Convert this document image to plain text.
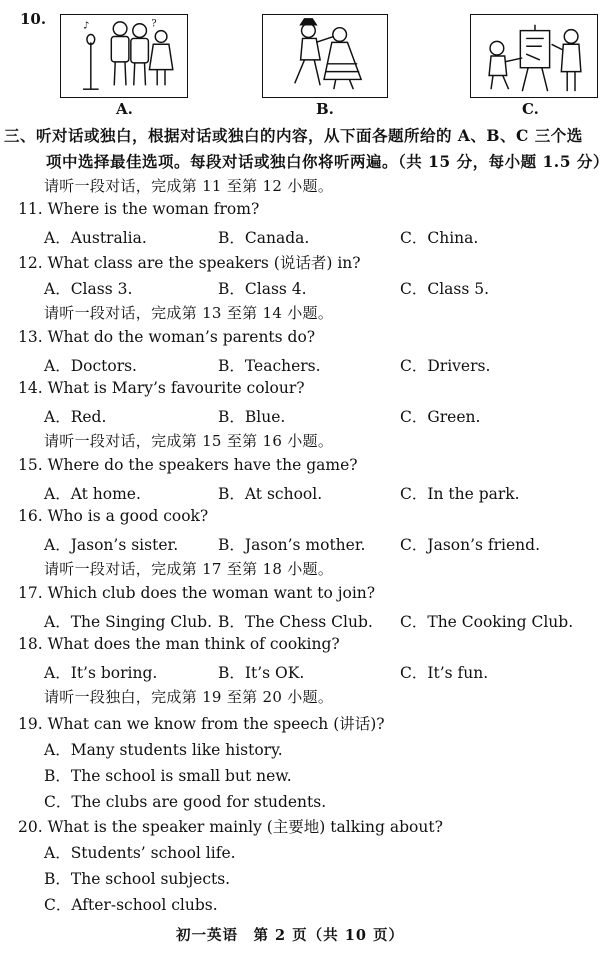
10.	♪	?
A.	B.	C.
三、听对话或独白，根据对话或独白的内容，从下面各题所给的 A、B、C 三个选
项中选择最佳选项。每段对话或独白你将听两遍。（共 15 分，每小题 1.5 分）
请听一段对话，完成第 11 至第 12 小题。
11. Where is the woman from?
A．Australia.	B．Canada.	C．China.
12. What class are the speakers (说话者) in?
A．Class 3.	B．Class 4.	C．Class 5.
请听一段对话，完成第 13 至第 14 小题。
13. What do the woman’s parents do?
A．Doctors.	B．Teachers.	C．Drivers.
14. What is Mary’s favourite colour?
A．Red.	B．Blue.	C．Green.
请听一段对话，完成第 15 至第 16 小题。
15. Where do the speakers have the game?
A．At home.	B．At school.	C．In the park.
16. Who is a good cook?
A．Jason’s sister.	B．Jason’s mother. C．Jason’s friend.
请听一段对话，完成第 17 至第 18 小题。
17. Which club does the woman want to join?
A．The Singing Club. B．The Chess Club. C．The Cooking Club.
18. What does the man think of cooking?
A．It’s boring.	B．It’s OK.	C．It’s fun.
请听一段独白，完成第 19 至第 20 小题。
19. What can we know from the speech (讲话)?
A．Many students like history.
B．The school is small but new.
C．The clubs are good for students.
20. What is the speaker mainly (主要地) talking about?
A．Students’ school life.
B．The school subjects.
C．After-school clubs.
初一英语　第 2 页（共 10 页）
